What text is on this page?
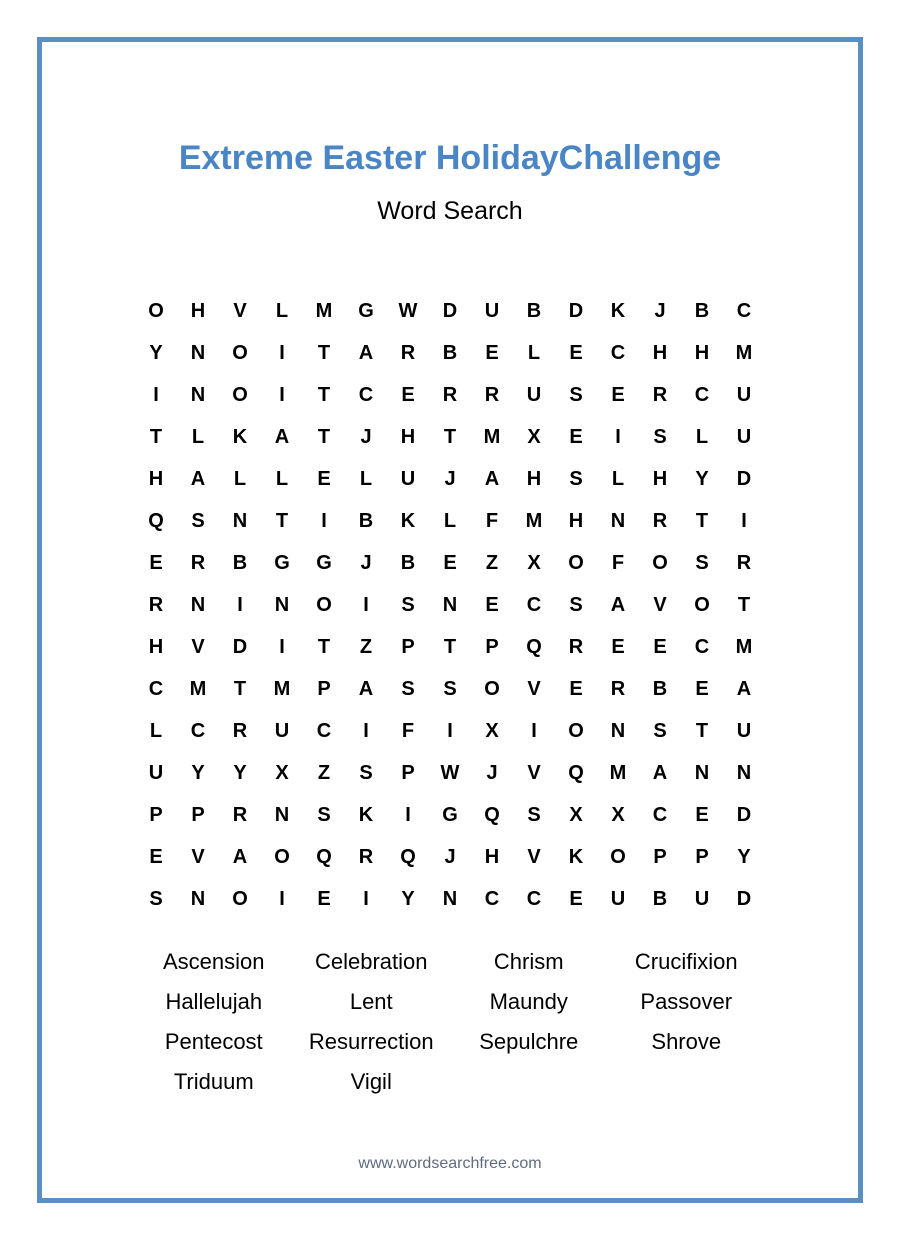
Extreme Easter HolidayChallenge
Word Search
O	H	V	L	M	G	W	D	U	B	D	K	J	B	C
Y	N	O	I	T	A	R	B	E	L	E	C	H	H	M
I	N	O	I	T	C	E	R	R	U	S	E	R	C	U
T	L	K	A	T	J	H	T	M	X	E	I	S	L	U
H	A	L	L	E	L	U	J	A	H	S	L	H	Y	D
Q	S	N	T	I	B	K	L	F	M	H	N	R	T	I
E	R	B	G	G	J	B	E	Z	X	O	F	O	S	R
R	N	I	N	O	I	S	N	E	C	S	A	V	O	T
H	V	D	I	T	Z	P	T	P	Q	R	E	E	C	M
C	M	T	M	P	A	S	S	O	V	E	R	B	E	A
L	C	R	U	C	I	F	I	X	I	O	N	S	T	U
U	Y	Y	X	Z	S	P	W	J	V	Q	M	A	N	N
P	P	R	N	S	K	I	G	Q	S	X	X	C	E	D
E	V	A	O	Q	R	Q	J	H	V	K	O	P	P	Y
S	N	O	I	E	I	Y	N	C	C	E	U	B	U	D
Ascension	Celebration	Chrism	Crucifixion
Hallelujah	Lent	Maundy	Passover
Pentecost	Resurrection	Sepulchre	Shrove
Triduum	Vigil
www.wordsearchfree.com
